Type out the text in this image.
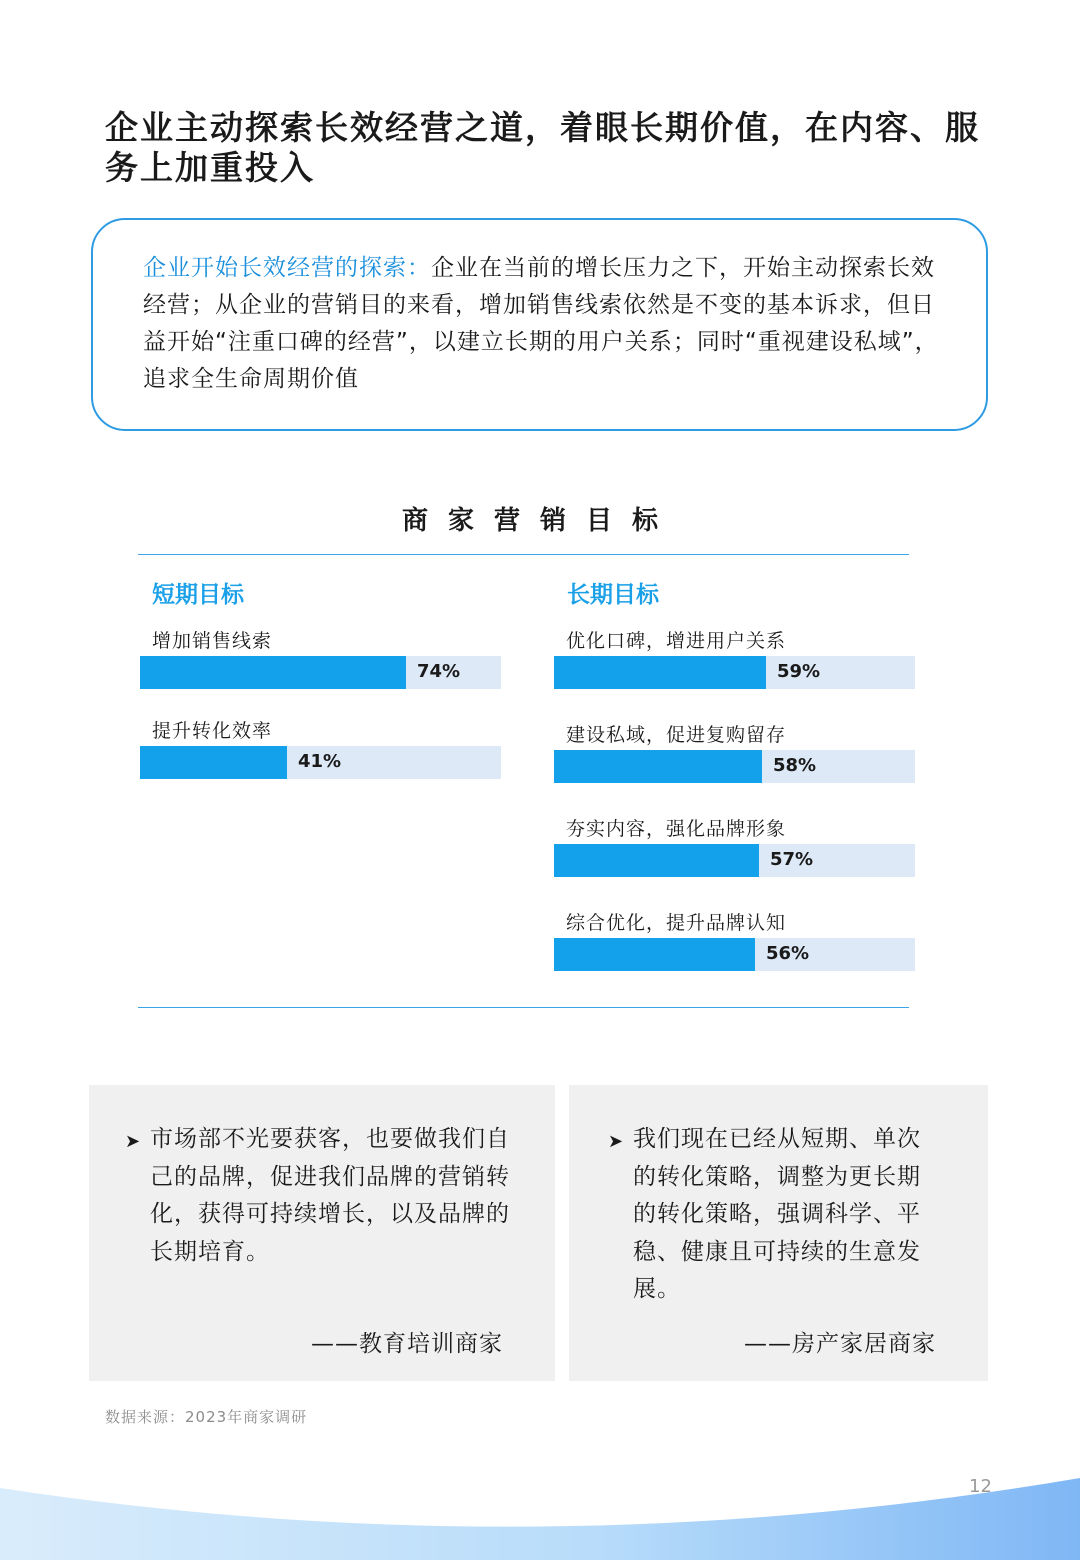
企业主动探索长效经营之道，着眼长期价值，在内容、服务上加重投入

企业开始长效经营的探索：企业在当前的增长压力之下，开始主动探索长效经营；从企业的营销目的来看，增加销售线索依然是不变的基本诉求，但日益开始“注重口碑的经营”，以建立长期的用户关系；同时“重视建设私域”，追求全生命周期价值

商家营销目标
短期目标	长期目标
增加销售线索
74%
提升转化效率
41%
优化口碑，增进用户关系
59%
建设私域，促进复购留存
58%
夯实内容，强化品牌形象
57%
综合优化，提升品牌认知
56%
➤ 市场部不光要获客，也要做我们自己的品牌，促进我们品牌的营销转化，获得可持续增长，以及品牌的长期培育。

——教育培训商家
➤ 我们现在已经从短期、单次的转化策略，调整为更长期的转化策略，强调科学、平稳、健康且可持续的生意发展。

——房产家居商家
数据来源：2023年商家调研
12
